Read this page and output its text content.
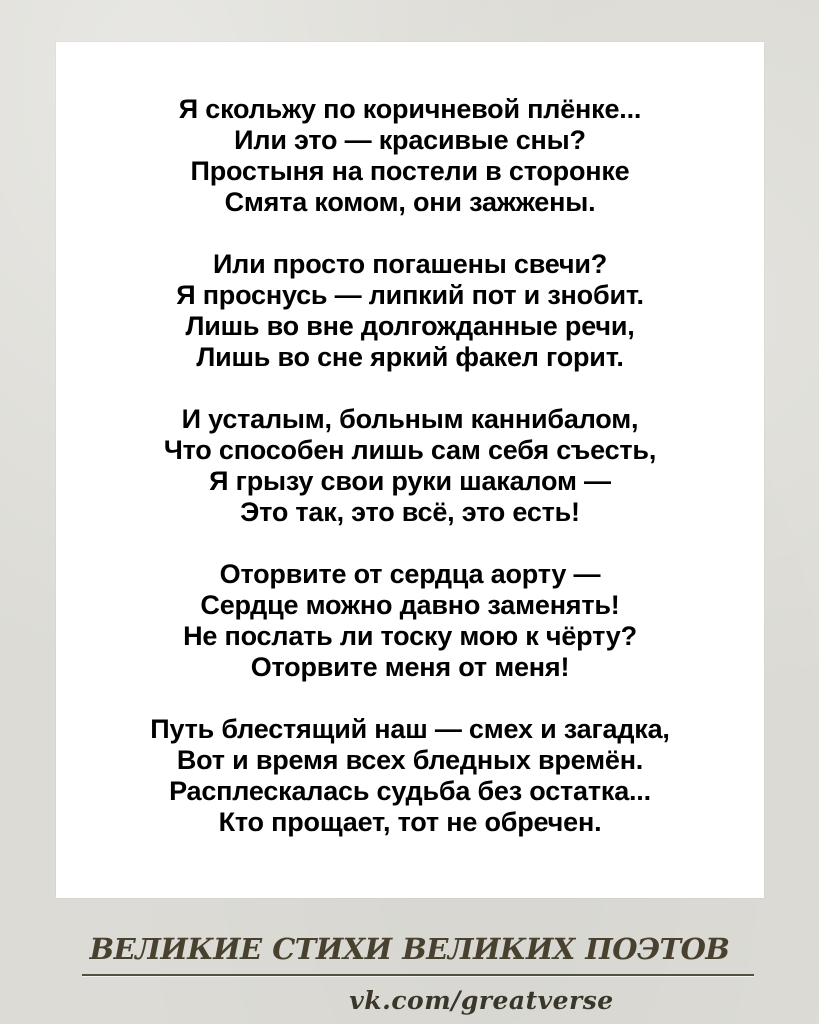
Я скольжу по коричневой плёнке...
Или это — красивые сны?
Простыня на постели в сторонке
Смята комом, они зажжены.
Или просто погашены свечи?
Я проснусь — липкий пот и знобит.
Лишь во вне долгожданные речи,
Лишь во сне яркий факел горит.
И усталым, больным каннибалом,
Что способен лишь сам себя съесть,
Я грызу свои руки шакалом —
Это так, это всё, это есть!
Оторвите от сердца аорту —
Сердце можно давно заменять!
Не послать ли тоску мою к чёрту?
Оторвите меня от меня!
Путь блестящий наш — смех и загадка,
Вот и время всех бледных времён.
Расплескалась судьба без остатка...
Кто прощает, тот не обречен.
ВЕЛИКИЕ СТИХИ ВЕЛИКИХ ПОЭТОВ
vk.com/greatverse
